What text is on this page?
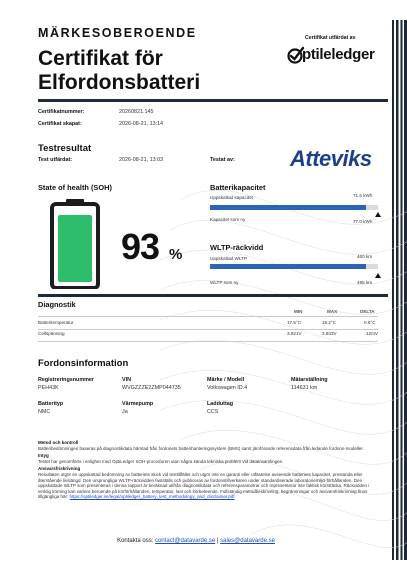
MÄRKESOBEROENDE
Certifikat för
Elfordonsbatteri
Certifikat utfärdat av
ptileledger
Certifikatnummer:	20260821.145
Certifikat skapat:	2026-08-21, 13:14
Testresultat
Test utfärdat:	2026-08-21, 13:03	Testat av:	Atteviks
State of health (SOH)
93 %
Batterikapacitet
Uppskattad kapacitet	71.6 kWh
Kapacitet som ny	77.0 kWh
WLTP-räckvidd
Uppskattad WLTP	460 km
WLTP som ny	495 km
Diagnostik
MIN	MAX	DELTA
Batteritemperatur	17.5°C	18.2°C	0.6°C
Cellspänning	3.921V	3.933V	12mV
Fordonsinformation
Registreringsnummer
PEH43K
VIN
WVGZZZE2ZMP044735
Märke / Modell
Volkswagen ID.4
Mätarställning
114631 km
Batterityp
NMC
Värmepump
Ja
Ladduttag
CCS
Metod och kontroll
Batteribedömningen baseras på diagnostikdata hämtad från fordonets batterihanteringssystem (BMS) samt jämförande referensdata från ledande fordons-modeller.
Intyg
Testet har genomförts i enlighet med OptiLedger SOH-proceduren utan några kända tekniska problem vid datainsamlingen.
Ansvarsfriskrivning
Resultaten utgör en uppskattad bedömning av batteriets skick vid testtillfället och utgör inte en garanti eller utfästelse avseende batteriets kapacitet, prestanda eller återstående livslängd. Den ursprungliga WLTP-räckvidden fastställs och publiceras av fordonstillverkaren under standardiserade laboratoriemiljö-förhållanden. Den uppskattade WLTP som presenteras i denna rapport är beräknad utifrån diagnostikdata och referensparametrar och representerar inte faktisk körsträcka. Räckvidden i verklig körning kan variera beroende på körförhållanden, temperatur, last och körbeteende. Fullständig metodbeskrivning, begränsningar och ansvarsfriskrivning finns tillgängliga här: https://optiledger.se/legal/optiledger_battery_test_methodology_and_disclaimer.pdf
Kontakta oss: contact@datavarde.se | sales@datavarde.se
